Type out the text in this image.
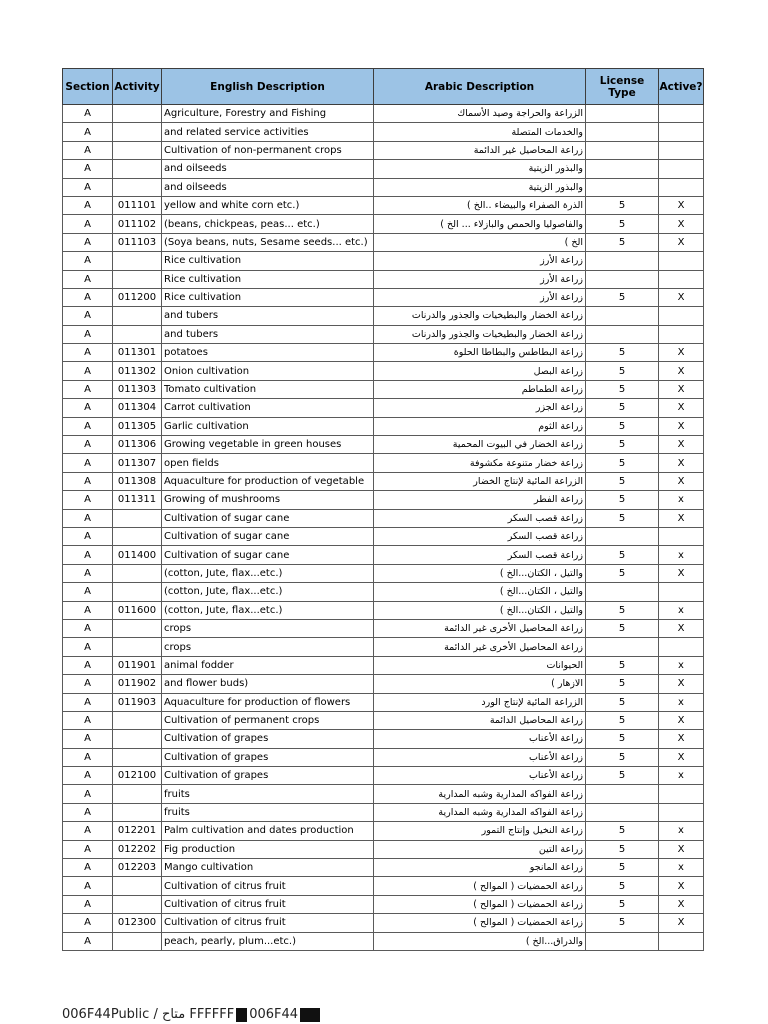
Section	Activity	English Description	Arabic Description	License Type	Active?
A		Agriculture, Forestry and Fishing	الزراعة والحراجة وصيد الأسماك		
A		and related service activities	والخدمات المتصلة		
A		Cultivation of non-permanent crops	زراعة المحاصيل غير الدائمة		
A		and oilseeds	والبذور الزيتية		
A		and oilseeds	والبذور الزيتية		
A	011101	yellow and white corn etc.)	الذرة الصفراء والبيضاء ..الخ )	5	X
A	011102	(beans, chickpeas, peas... etc.)	والفاصوليا والحمص والبازلاء ... الخ )	5	X
A	011103	(Soya beans, nuts, Sesame seeds... etc.)	الخ )	5	X
A		Rice cultivation	زراعة الأرز		
A		Rice cultivation	زراعة الأرز		
A	011200	Rice cultivation	زراعة الأرز	5	X
A		and tubers	زراعة الخضار والبطيخيات والجذور والدرنات		
A		and tubers	زراعة الخضار والبطيخيات والجذور والدرنات		
A	011301	potatoes	زراعة البطاطس والبطاطا الحلوة	5	X
A	011302	Onion cultivation	زراعة البصل	5	X
A	011303	Tomato cultivation	زراعة الطماطم	5	X
A	011304	Carrot cultivation	زراعة الجزر	5	X
A	011305	Garlic cultivation	زراعة الثوم	5	X
A	011306	Growing vegetable in green houses	زراعة الخضار في البيوت المحمية	5	X
A	011307	open fields	زراعة خضار متنوعة مكشوفة	5	X
A	011308	Aquaculture for production of vegetable	الزراعة المائية لإنتاج الخضار	5	X
A	011311	Growing of mushrooms	زراعة الفطر	5	x
A		Cultivation of sugar cane	زراعة قصب السكر	5	X
A		Cultivation of sugar cane	زراعة قصب السكر		
A	011400	Cultivation of sugar cane	زراعة قصب السكر	5	x
A		(cotton, Jute, flax...etc.)	والتيل ، الكتان...الخ )	5	X
A		(cotton, Jute, flax...etc.)	والتيل ، الكتان...الخ )		
A	011600	(cotton, Jute, flax...etc.)	والتيل ، الكتان...الخ )	5	x
A		crops	زراعة المحاصيل الأخرى غير الدائمة	5	X
A		crops	زراعة المحاصيل الأخرى غير الدائمة		
A	011901	animal fodder	الحيوانات	5	x
A	011902	and flower buds)	الازهار )	5	X
A	011903	Aquaculture for production of flowers	الزراعة المائية لإنتاج الورد	5	x
A		Cultivation of permanent crops	زراعة المحاصيل الدائمة	5	X
A		Cultivation of grapes	زراعة الأعناب	5	X
A		Cultivation of grapes	زراعة الأعناب	5	X
A	012100	Cultivation of grapes	زراعة الأعناب	5	x
A		fruits	زراعة الفواكه المدارية وشبه المدارية		
A		fruits	زراعة الفواكه المدارية وشبه المدارية		
A	012201	Palm cultivation and dates production	زراعة النخيل وإنتاج التمور	5	x
A	012202	Fig production	زراعة التين	5	X
A	012203	Mango cultivation	زراعة المانجو	5	x
A		Cultivation of citrus fruit	زراعة الحمضيات ( الموالح )	5	X
A		Cultivation of citrus fruit	زراعة الحمضيات ( الموالح )	5	X
A	012300	Cultivation of citrus fruit	زراعة الحمضيات ( الموالح )	5	X
A		peach, pearly, plum...etc.)	والدراق...الخ )		
006F44Public / متاح FFFFFF 006F44
